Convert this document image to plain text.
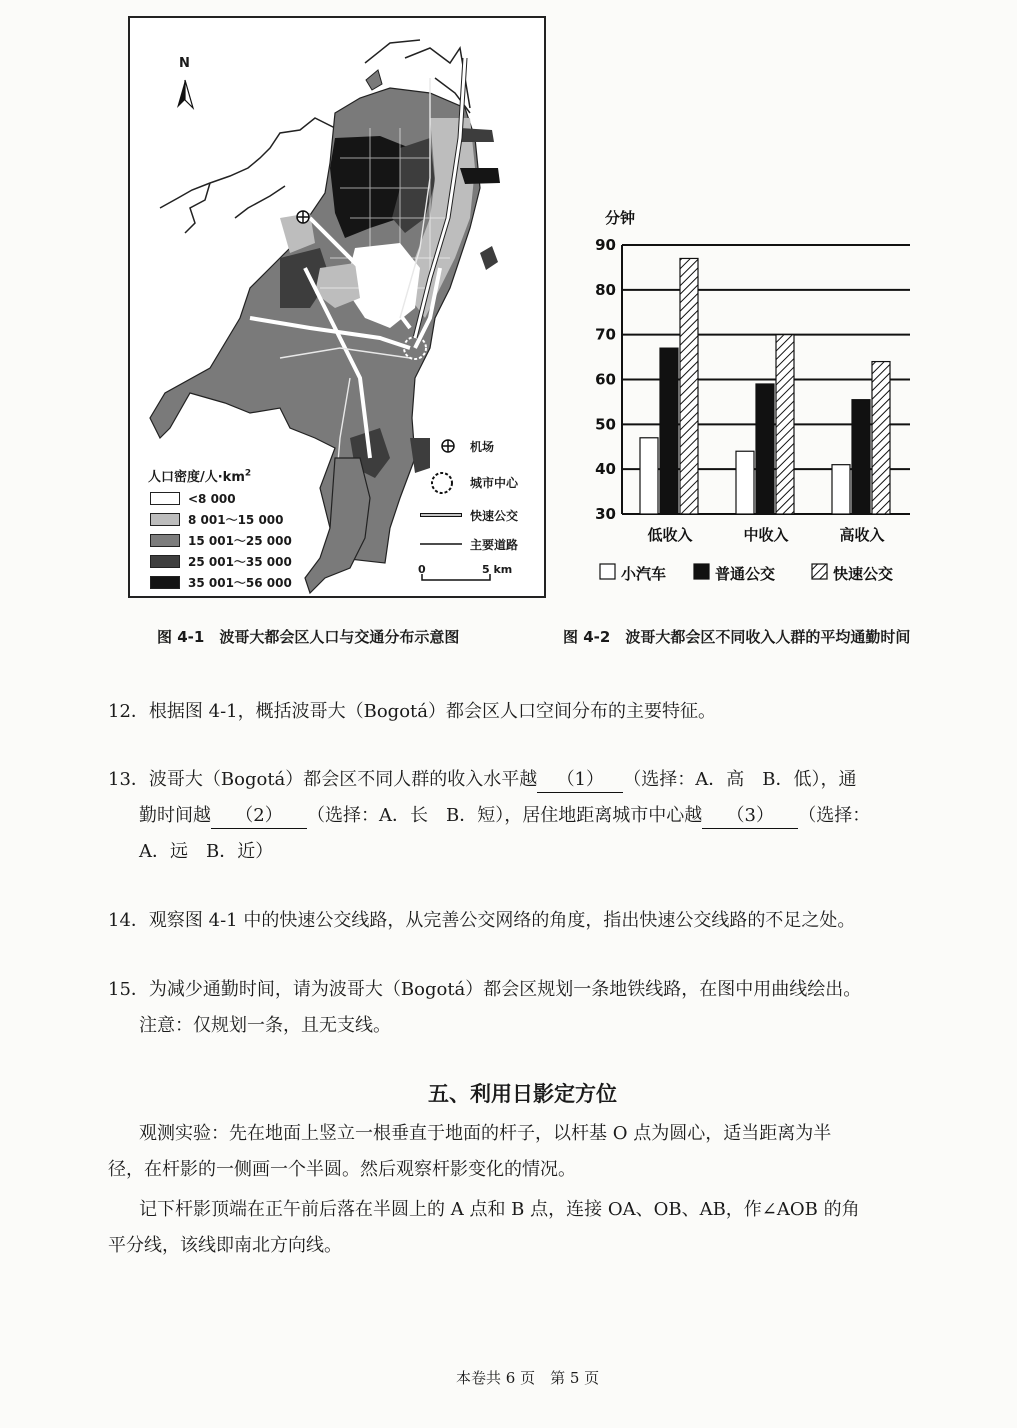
N
人口密度/人$\cdot km^2$
<8 000
8 001～15 000
15 001～25 000
25 001～35 000
35 001～56 000
机场
城市中心
快速公交
主要道路
0	5 km
分钟
30
40
50
60
70
80
90
低收入	中收入	高收入
小汽车	普通公交	快速公交
图 4-1　波哥大都会区人口与交通分布示意图	图 4-2　波哥大都会区不同收入人群的平均通勤时间
12．根据图 4-1，概括波哥大（Bogotá）都会区人口空间分布的主要特征。
13．波哥大（Bogotá）都会区不同人群的收入水平越 （1） （选择：A．高　B．低），通
勤时间越 （2） （选择：A．长　B．短），居住地距离城市中心越 （3） （选择：
A．远　B．近）
14．观察图 4-1 中的快速公交线路，从完善公交网络的角度，指出快速公交线路的不足之处。
15．为减少通勤时间，请为波哥大（Bogotá）都会区规划一条地铁线路，在图中用曲线绘出。
注意：仅规划一条，且无支线。
五、利用日影定方位
观测实验：先在地面上竖立一根垂直于地面的杆子，以杆基 O 点为圆心，适当距离为半
径，在杆影的一侧画一个半圆。然后观察杆影变化的情况。
记下杆影顶端在正午前后落在半圆上的 A 点和 B 点，连接 OA、OB、AB，作∠AOB 的角
平分线，该线即南北方向线。
本卷共 6 页　第 5 页
